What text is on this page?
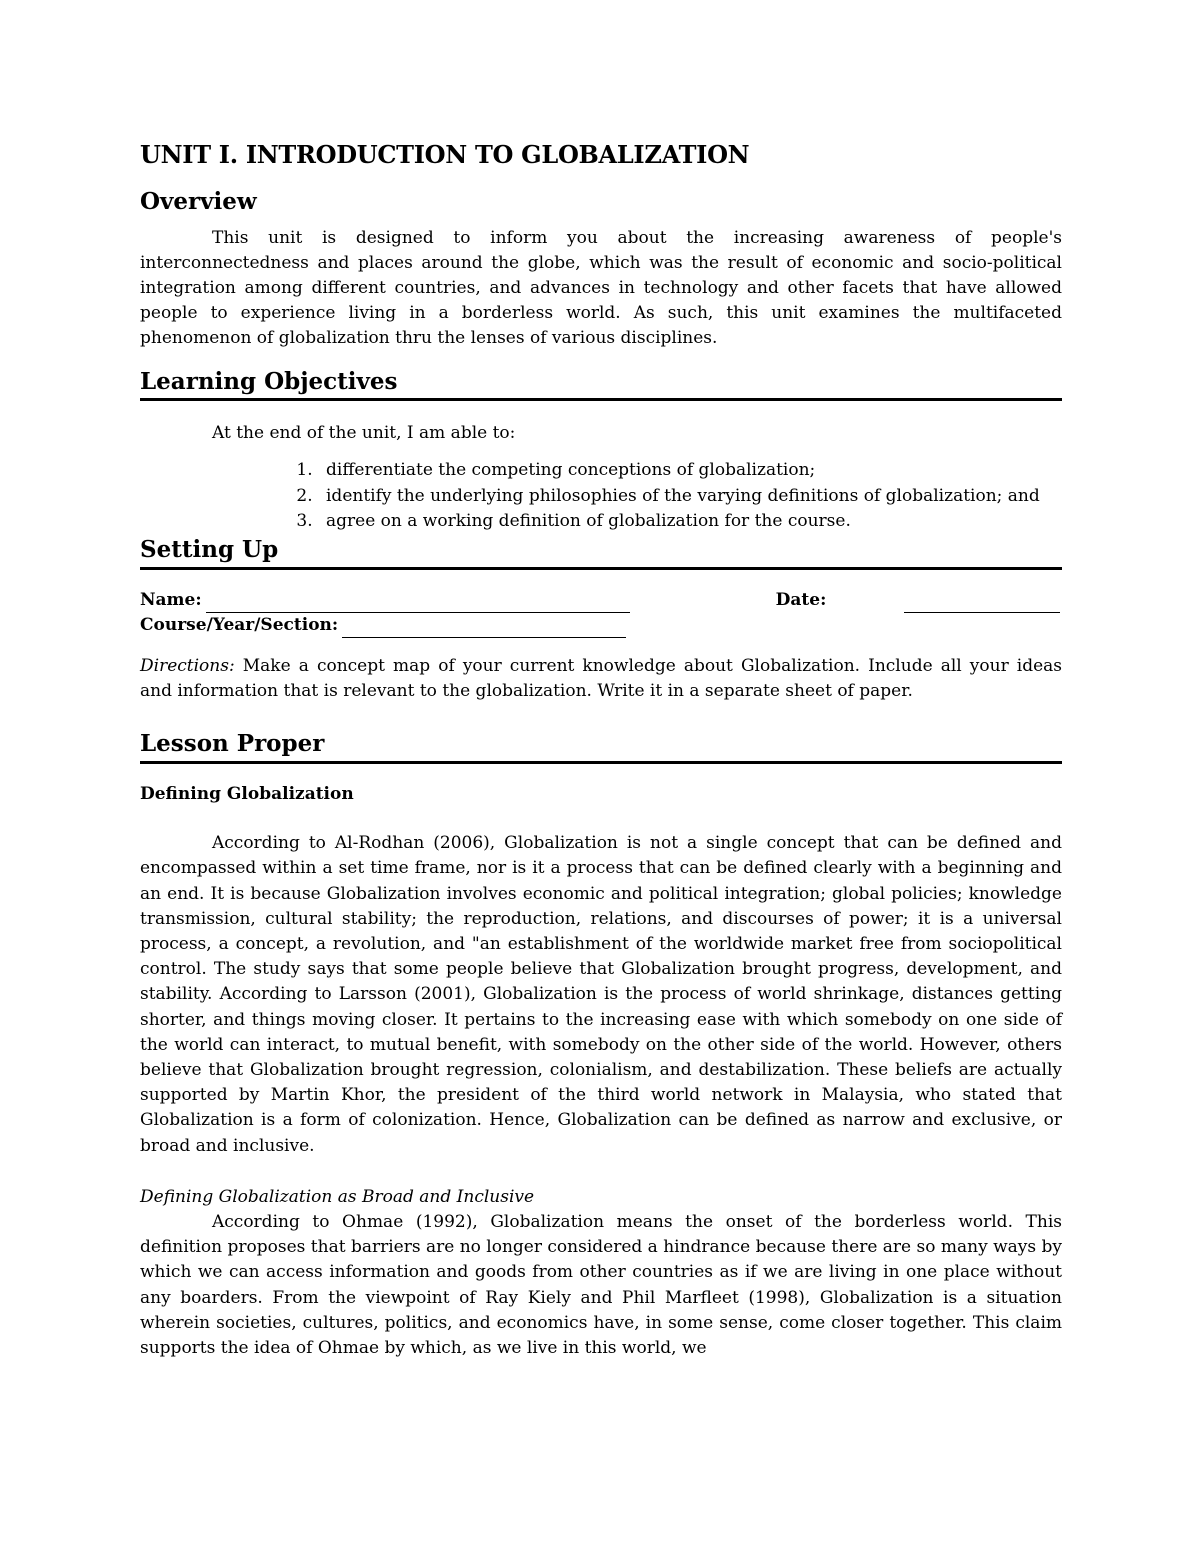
UNIT I. INTRODUCTION TO GLOBALIZATION
Overview

This unit is designed to inform you about the increasing awareness of people's interconnectedness and places around the globe, which was the result of economic and socio-political integration among different countries, and advances in technology and other facets that have allowed people to experience living in a borderless world. As such, this unit examines the multifaceted phenomenon of globalization thru the lenses of various disciplines.

Learning Objectives
At the end of the unit, I am able to:
1. differentiate the competing conceptions of globalization;
2. identify the underlying philosophies of the varying definitions of globalization; and
3. agree on a working definition of globalization for the course.
Setting Up
Name:	Date:
Course/Year/Section:

Directions: Make a concept map of your current knowledge about Globalization. Include all your ideas and information that is relevant to the globalization. Write it in a separate sheet of paper.

Lesson Proper
Defining Globalization

According to Al-Rodhan (2006), Globalization is not a single concept that can be defined and encompassed within a set time frame, nor is it a process that can be defined clearly with a beginning and an end. It is because Globalization involves economic and political integration; global policies; knowledge transmission, cultural stability; the reproduction, relations, and discourses of power; it is a universal process, a concept, a revolution, and "an establishment of the worldwide market free from sociopolitical control. The study says that some people believe that Globalization brought progress, development, and stability. According to Larsson (2001), Globalization is the process of world shrinkage, distances getting shorter, and things moving closer. It pertains to the increasing ease with which somebody on one side of the world can interact, to mutual benefit, with somebody on the other side of the world. However, others believe that Globalization brought regression, colonialism, and destabilization. These beliefs are actually supported by Martin Khor, the president of the third world network in Malaysia, who stated that Globalization is a form of colonization. Hence, Globalization can be defined as narrow and exclusive, or broad and inclusive.

Defining Globalization as Broad and Inclusive

According to Ohmae (1992), Globalization means the onset of the borderless world. This definition proposes that barriers are no longer considered a hindrance because there are so many ways by which we can access information and goods from other countries as if we are living in one place without any boarders. From the viewpoint of Ray Kiely and Phil Marfleet (1998), Globalization is a situation wherein societies, cultures, politics, and economics have, in some sense, come closer together. This claim supports the idea of Ohmae by which, as we live in this world, we
